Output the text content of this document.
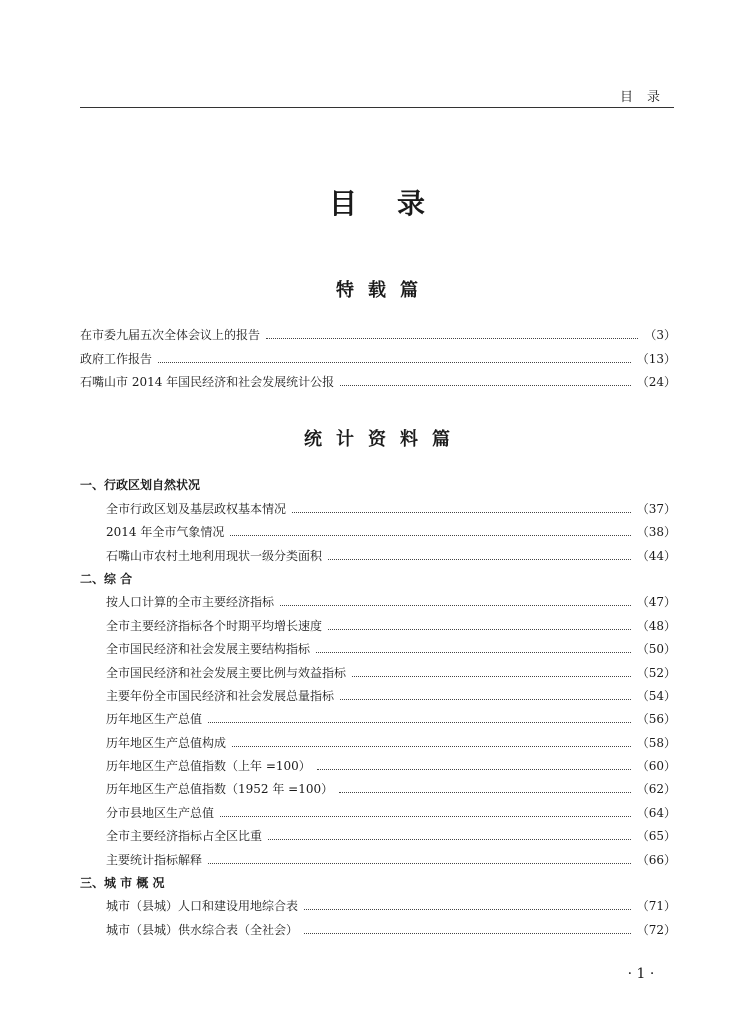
目录
目录
特载篇
在市委九届五次全体会议上的报告	（3）
政府工作报告	（13）
石嘴山市 2014 年国民经济和社会发展统计公报	（24）
统计资料篇
一、行政区划自然状况
全市行政区划及基层政权基本情况	（37）
2014 年全市气象情况	（38）
石嘴山市农村土地利用现状一级分类面积	（44）
二、综 合
按人口计算的全市主要经济指标	（47）
全市主要经济指标各个时期平均增长速度	（48）
全市国民经济和社会发展主要结构指标	（50）
全市国民经济和社会发展主要比例与效益指标	（52）
主要年份全市国民经济和社会发展总量指标	（54）
历年地区生产总值	（56）
历年地区生产总值构成	（58）
历年地区生产总值指数（上年 =100）	（60）
历年地区生产总值指数（1952 年 =100）	（62）
分市县地区生产总值	（64）
全市主要经济指标占全区比重	（65）
主要统计指标解释	（66）
三、城 市 概 况
城市（县城）人口和建设用地综合表	（71）
城市（县城）供水综合表（全社会）	（72）
· 1 ·
